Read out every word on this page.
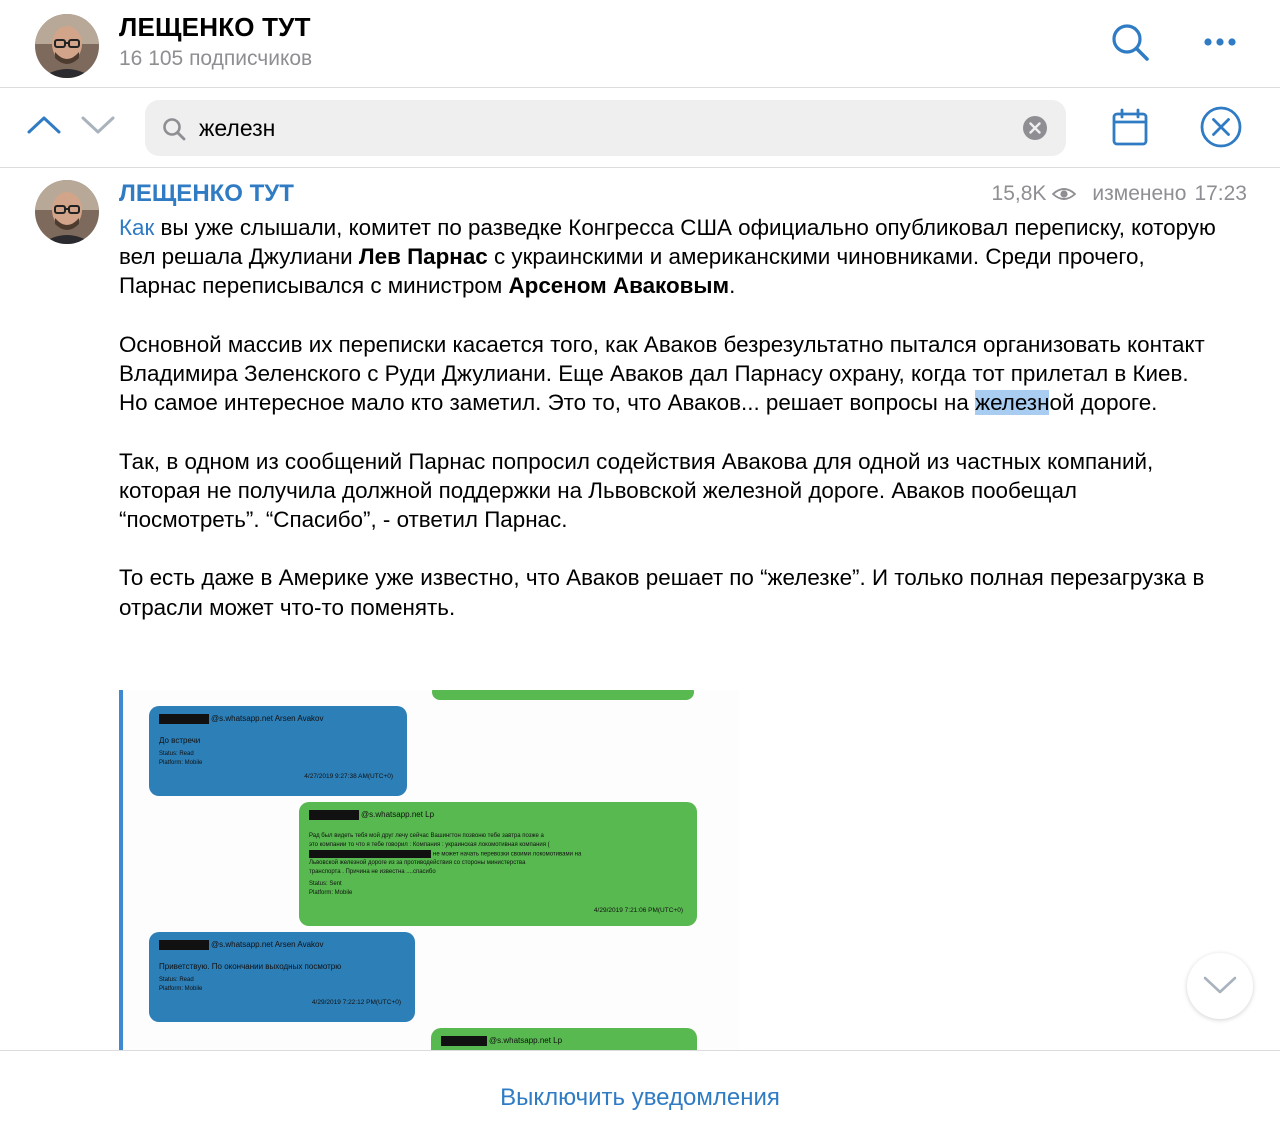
ЛЕЩЕНКО ТУТ
16 105 подписчиков
железн
ЛЕЩЕНКО ТУТ	15,8K изменено 17:23

Как вы уже слышали, комитет по разведке Конгресса США официально опубликовал переписку, которую вел решала Джулиани Лев Парнас с украинскими и американскими чиновниками. Среди прочего, Парнас переписывался с министром Арсеном Аваковым.

Основной массив их переписки касается того, как Аваков безрезультатно пытался организовать контакт Владимира Зеленского с Руди Джулиани. Еще Аваков дал Парнасу охрану, когда тот прилетал в Киев. Но самое интересное мало кто заметил. Это то, что Аваков... решает вопросы на железной дороге.

Так, в одном из сообщений Парнас попросил содействия Авакова для одной из частных компаний, которая не получила должной поддержки на Львовской железной дороге. Аваков пообещал “посмотреть”. “Спасибо”, - ответил Парнас.

То есть даже в Америке уже известно, что Аваков решает по “железке”. И только полная перезагрузка в отрасли может что-то поменять.

@s.whatsapp.net Arsen Avakov
До встречи
Status: Read
Platform: Mobile
4/27/2019 9:27:38 AM(UTC+0)
@s.whatsapp.net Lp
Рад был видеть тебя мой друг лечу сейчас Вашингтон позвоню тебе завтра позже а
это компании то что я тебе говорил : Компания : украинская локомотивная компания (
не может начать перевозки своими локомотивами на
Львовской железной дороге из за противодействия со стороны министерства
транспорта . Причина не известна ....спасибо
Status: Sent
Platform: Mobile
4/29/2019 7:21:06 PM(UTC+0)
@s.whatsapp.net Arsen Avakov
Приветствую. По окончании выходных посмотрю
Status: Read
Platform: Mobile
4/29/2019 7:22:12 PM(UTC+0)
@s.whatsapp.net Lp
Выключить уведомления
